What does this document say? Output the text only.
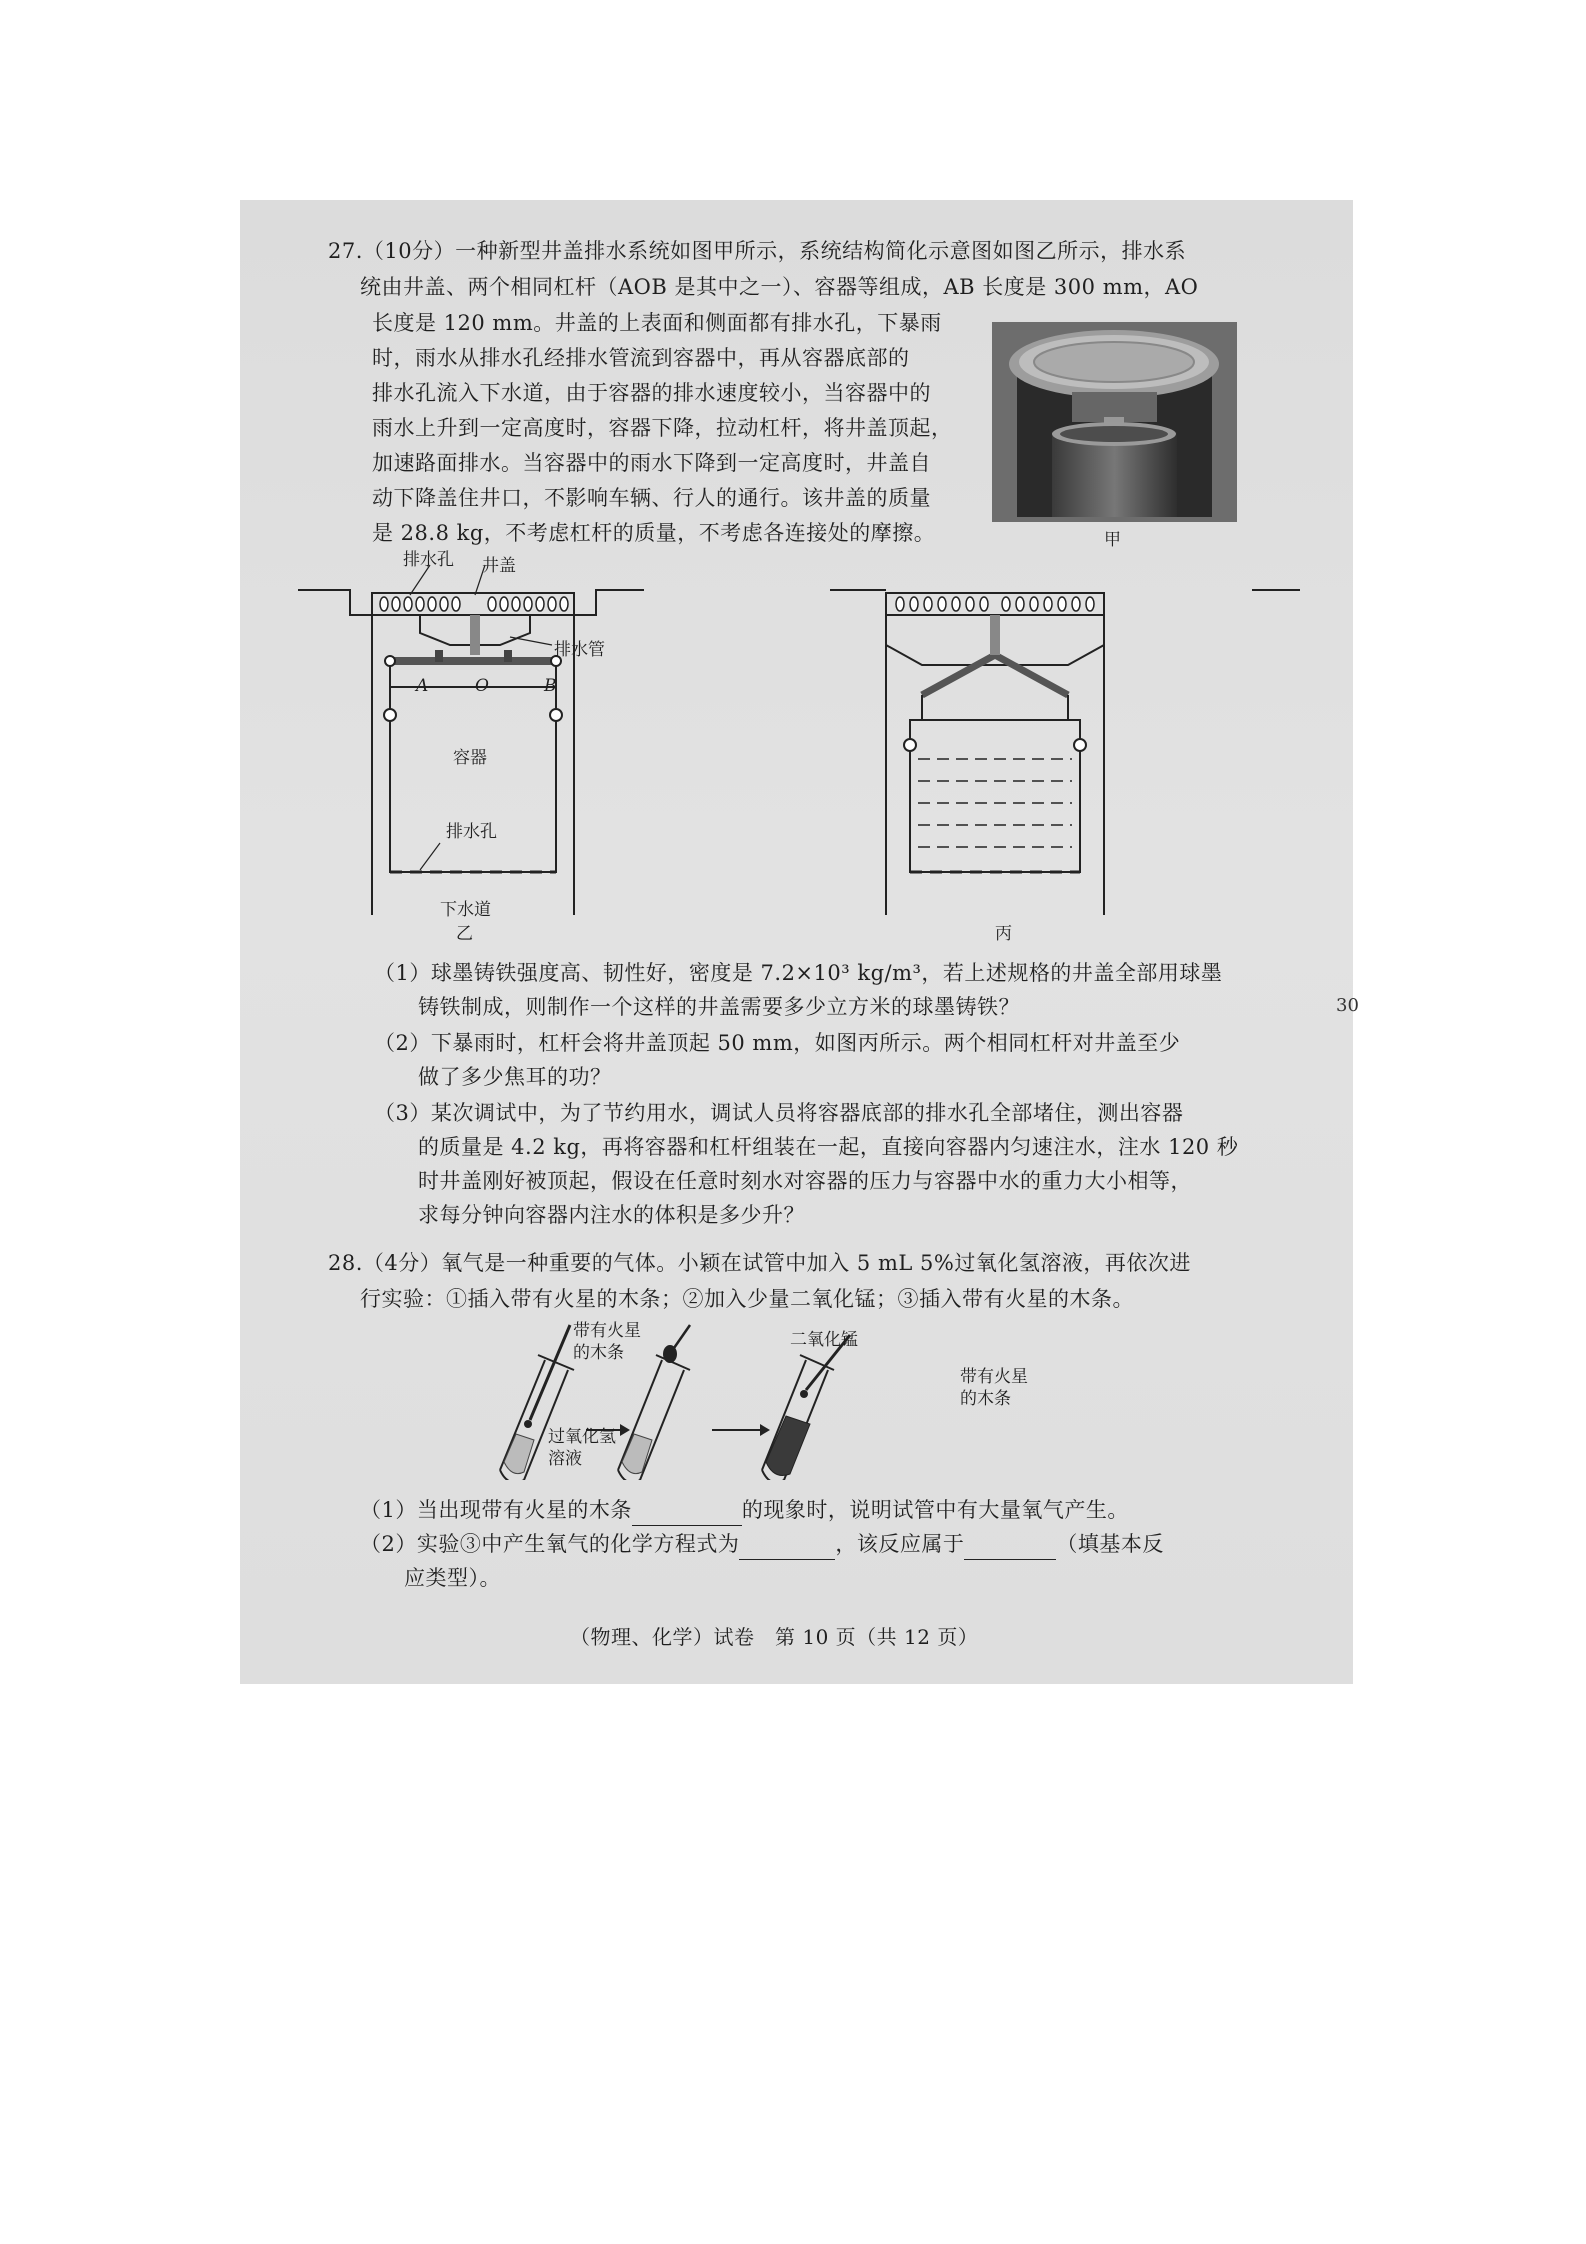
27.（10分）一种新型井盖排水系统如图甲所示，系统结构简化示意图如图乙所示，排水系
统由井盖、两个相同杠杆（AOB 是其中之一）、容器等组成，AB 长度是 300 mm，AO
长度是 120 mm。井盖的上表面和侧面都有排水孔，下暴雨
时，雨水从排水孔经排水管流到容器中，再从容器底部的
排水孔流入下水道，由于容器的排水速度较小，当容器中的
雨水上升到一定高度时，容器下降，拉动杠杆，将井盖顶起，
加速路面排水。当容器中的雨水下降到一定高度时，井盖自
动下降盖住井口，不影响车辆、行人的通行。该井盖的质量
是 28.8 kg，不考虑杠杆的质量，不考虑各连接处的摩擦。	甲
排水孔 井盖
排水管
A	O	B
容器
排水孔
下水道
乙	丙
（1）球墨铸铁强度高、韧性好，密度是 7.2×10³ kg/m³，若上述规格的井盖全部用球墨
铸铁制成，则制作一个这样的井盖需要多少立方米的球墨铸铁？
（2）下暴雨时，杠杆会将井盖顶起 50 mm，如图丙所示。两个相同杠杆对井盖至少
做了多少焦耳的功？
（3）某次调试中，为了节约用水，调试人员将容器底部的排水孔全部堵住，测出容器
的质量是 4.2 kg，再将容器和杠杆组装在一起，直接向容器内匀速注水，注水 120 秒
时井盖刚好被顶起，假设在任意时刻水对容器的压力与容器中水的重力大小相等，
求每分钟向容器内注水的体积是多少升？
28.（4分）氧气是一种重要的气体。小颖在试管中加入 5 mL 5%过氧化氢溶液，再依次进
行实验：①插入带有火星的木条；②加入少量二氧化锰；③插入带有火星的木条。
带有火星
的木条
过氧化氢
溶液
二氧化锰
带有火星
的木条
（1）当出现带有火星的木条	的现象时，说明试管中有大量氧气产生。
（2）实验③中产生氧气的化学方程式为	，该反应属于	（填基本反
应类型）。
（物理、化学）试卷　第 10 页（共 12 页）
30
